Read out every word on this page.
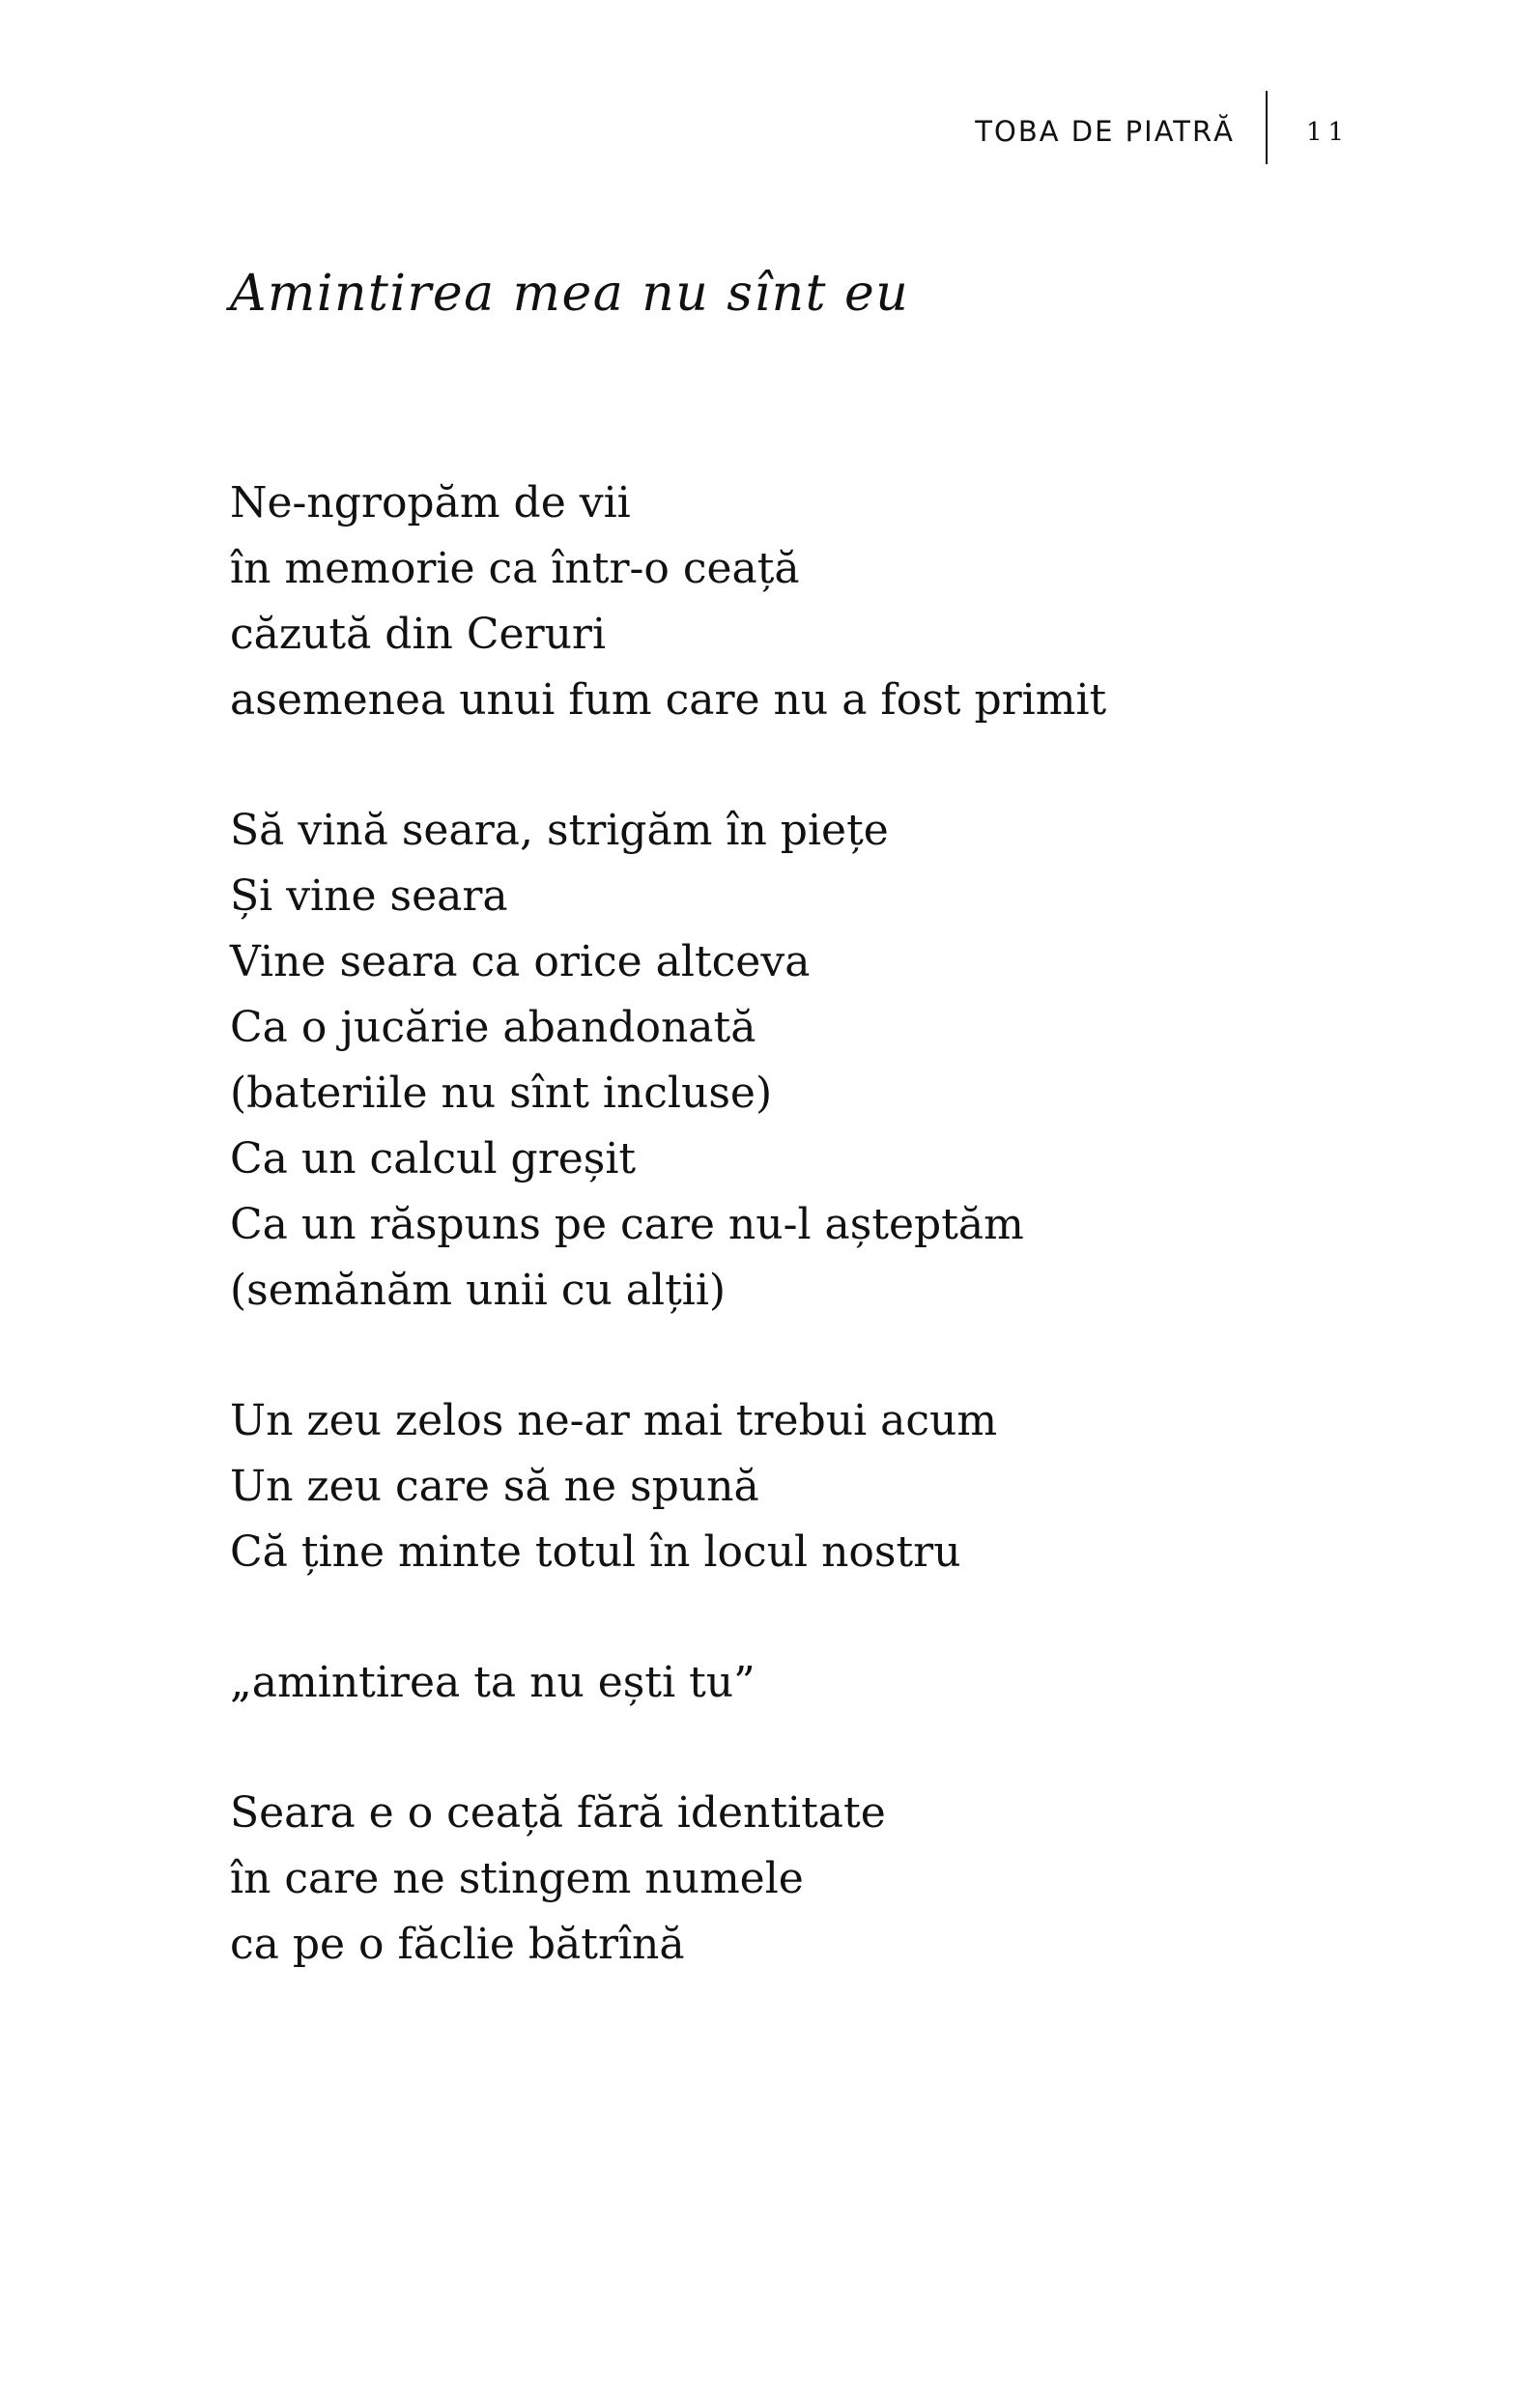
TOBA DE PIATRĂ	11
Amintirea mea nu sînt eu

Ne-ngropăm de vii
în memorie ca într-o ceață
căzută din Ceruri
asemenea unui fum care nu a fost primit

Să vină seara, strigăm în piețe
Și vine seara
Vine seara ca orice altceva
Ca o jucărie abandonată
(bateriile nu sînt incluse)
Ca un calcul greșit
Ca un răspuns pe care nu-l așteptăm
(semănăm unii cu alții)

Un zeu zelos ne-ar mai trebui acum
Un zeu care să ne spună
Că ține minte totul în locul nostru

„amintirea ta nu ești tu”

Seara e o ceață fără identitate
în care ne stingem numele
ca pe o făclie bătrînă
